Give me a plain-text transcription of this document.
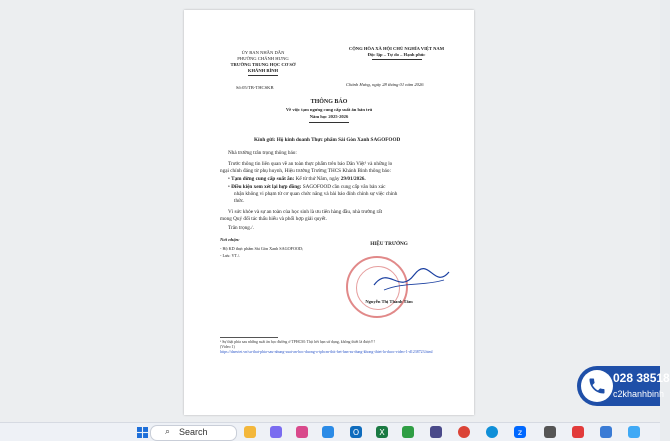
ỦY BAN NHÂN DÂN
PHƯỜNG CHÁNH HƯNG
TRƯỜNG TRUNG HỌC CƠ SỞ
KHÁNH BÌNH
CỘNG HÒA XÃ HỘI CHỦ NGHĨA VIỆT NAM
Độc lập – Tự do – Hạnh phúc
Số:05/TB-THCSKB
Chánh Hưng, ngày 28 tháng 01 năm 2026
THÔNG BÁO
Về việc tạm ngưng cung cấp suất ăn bán trú
Năm học 2025-2026
Kính gửi: Hộ kinh doanh Thực phẩm Sài Gòn Xanh SAGOFOOD
Nhà trường trân trọng thông báo:
Trước thông tin liên quan về an toàn thực phẩm trên báo Dân Việt¹ và những lo
ngại chính đáng từ phụ huynh, Hiệu trưởng Trường THCS Khánh Bình thông báo:
• Tạm dừng cung cấp suất ăn: Kể từ thứ Năm, ngày 29/01/2026.
• Điều kiện xem xét lại hợp đồng: SAGOFOOD cần cung cấp văn bản xác
nhận không vi phạm từ cơ quan chức năng và bài báo đính chính sự việc chính
thức.
Vì sức khỏe và sự an toàn của học sinh là ưu tiên hàng đầu, nhà trường rất
mong Quý đối tác thấu hiểu và phối hợp giải quyết.
Trân trọng./.
Nơi nhận:
- Hộ KD thực phẩm Sài Gòn Xanh SAGOFOOD;
- Lưu: VT./.
HIỆU TRƯỞNG
Nguyễn Thị Thanh Tâm
¹ Sự thật phía sau những suất ăn học đường ở TPHCM: Thịt hết hạn sử dụng, không thiết là được!!!
(Video 1)
https://danviet.vn/su-that-phia-sau-nhung-suat-an-hoc-duong-o-tphcm-thit-het-han-su-dung-khong-thiet-la-duoc-video-1-d1238723.html
028 38518
c2khanhbinh
⌕ Search	O	X	z
